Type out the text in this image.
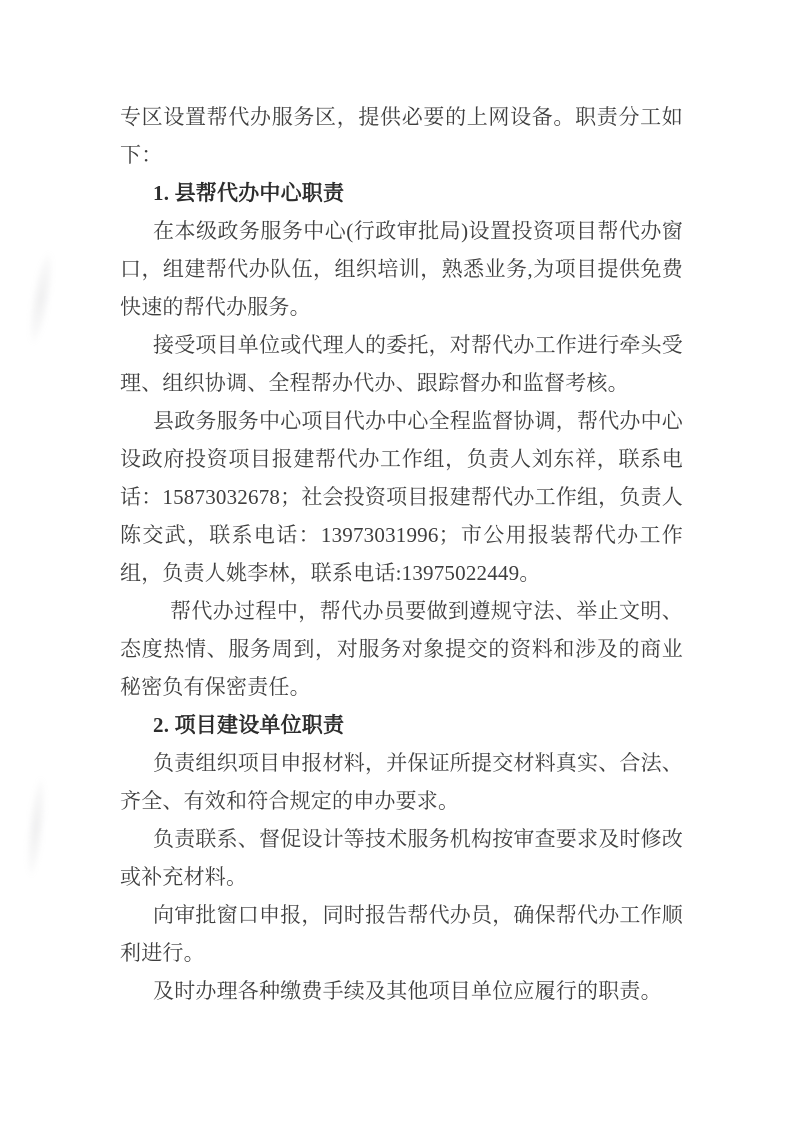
专区设置帮代办服务区，提供必要的上网设备。职责分工如下：

1. 县帮代办中心职责

在本级政务服务中心(行政审批局)设置投资项目帮代办窗口，组建帮代办队伍，组织培训，熟悉业务,为项目提供免费快速的帮代办服务。

接受项目单位或代理人的委托，对帮代办工作进行牵头受理、组织协调、全程帮办代办、跟踪督办和监督考核。

县政务服务中心项目代办中心全程监督协调，帮代办中心设政府投资项目报建帮代办工作组，负责人刘东祥，联系电话：15873032678；社会投资项目报建帮代办工作组，负责人陈交武，联系电话：13973031996；市公用报装帮代办工作组，负责人姚李林，联系电话:13975022449。

帮代办过程中，帮代办员要做到遵规守法、举止文明、态度热情、服务周到，对服务对象提交的资料和涉及的商业秘密负有保密责任。

2. 项目建设单位职责

负责组织项目申报材料，并保证所提交材料真实、合法、齐全、有效和符合规定的申办要求。

负责联系、督促设计等技术服务机构按审查要求及时修改或补充材料。

向审批窗口申报，同时报告帮代办员，确保帮代办工作顺利进行。

及时办理各种缴费手续及其他项目单位应履行的职责。
